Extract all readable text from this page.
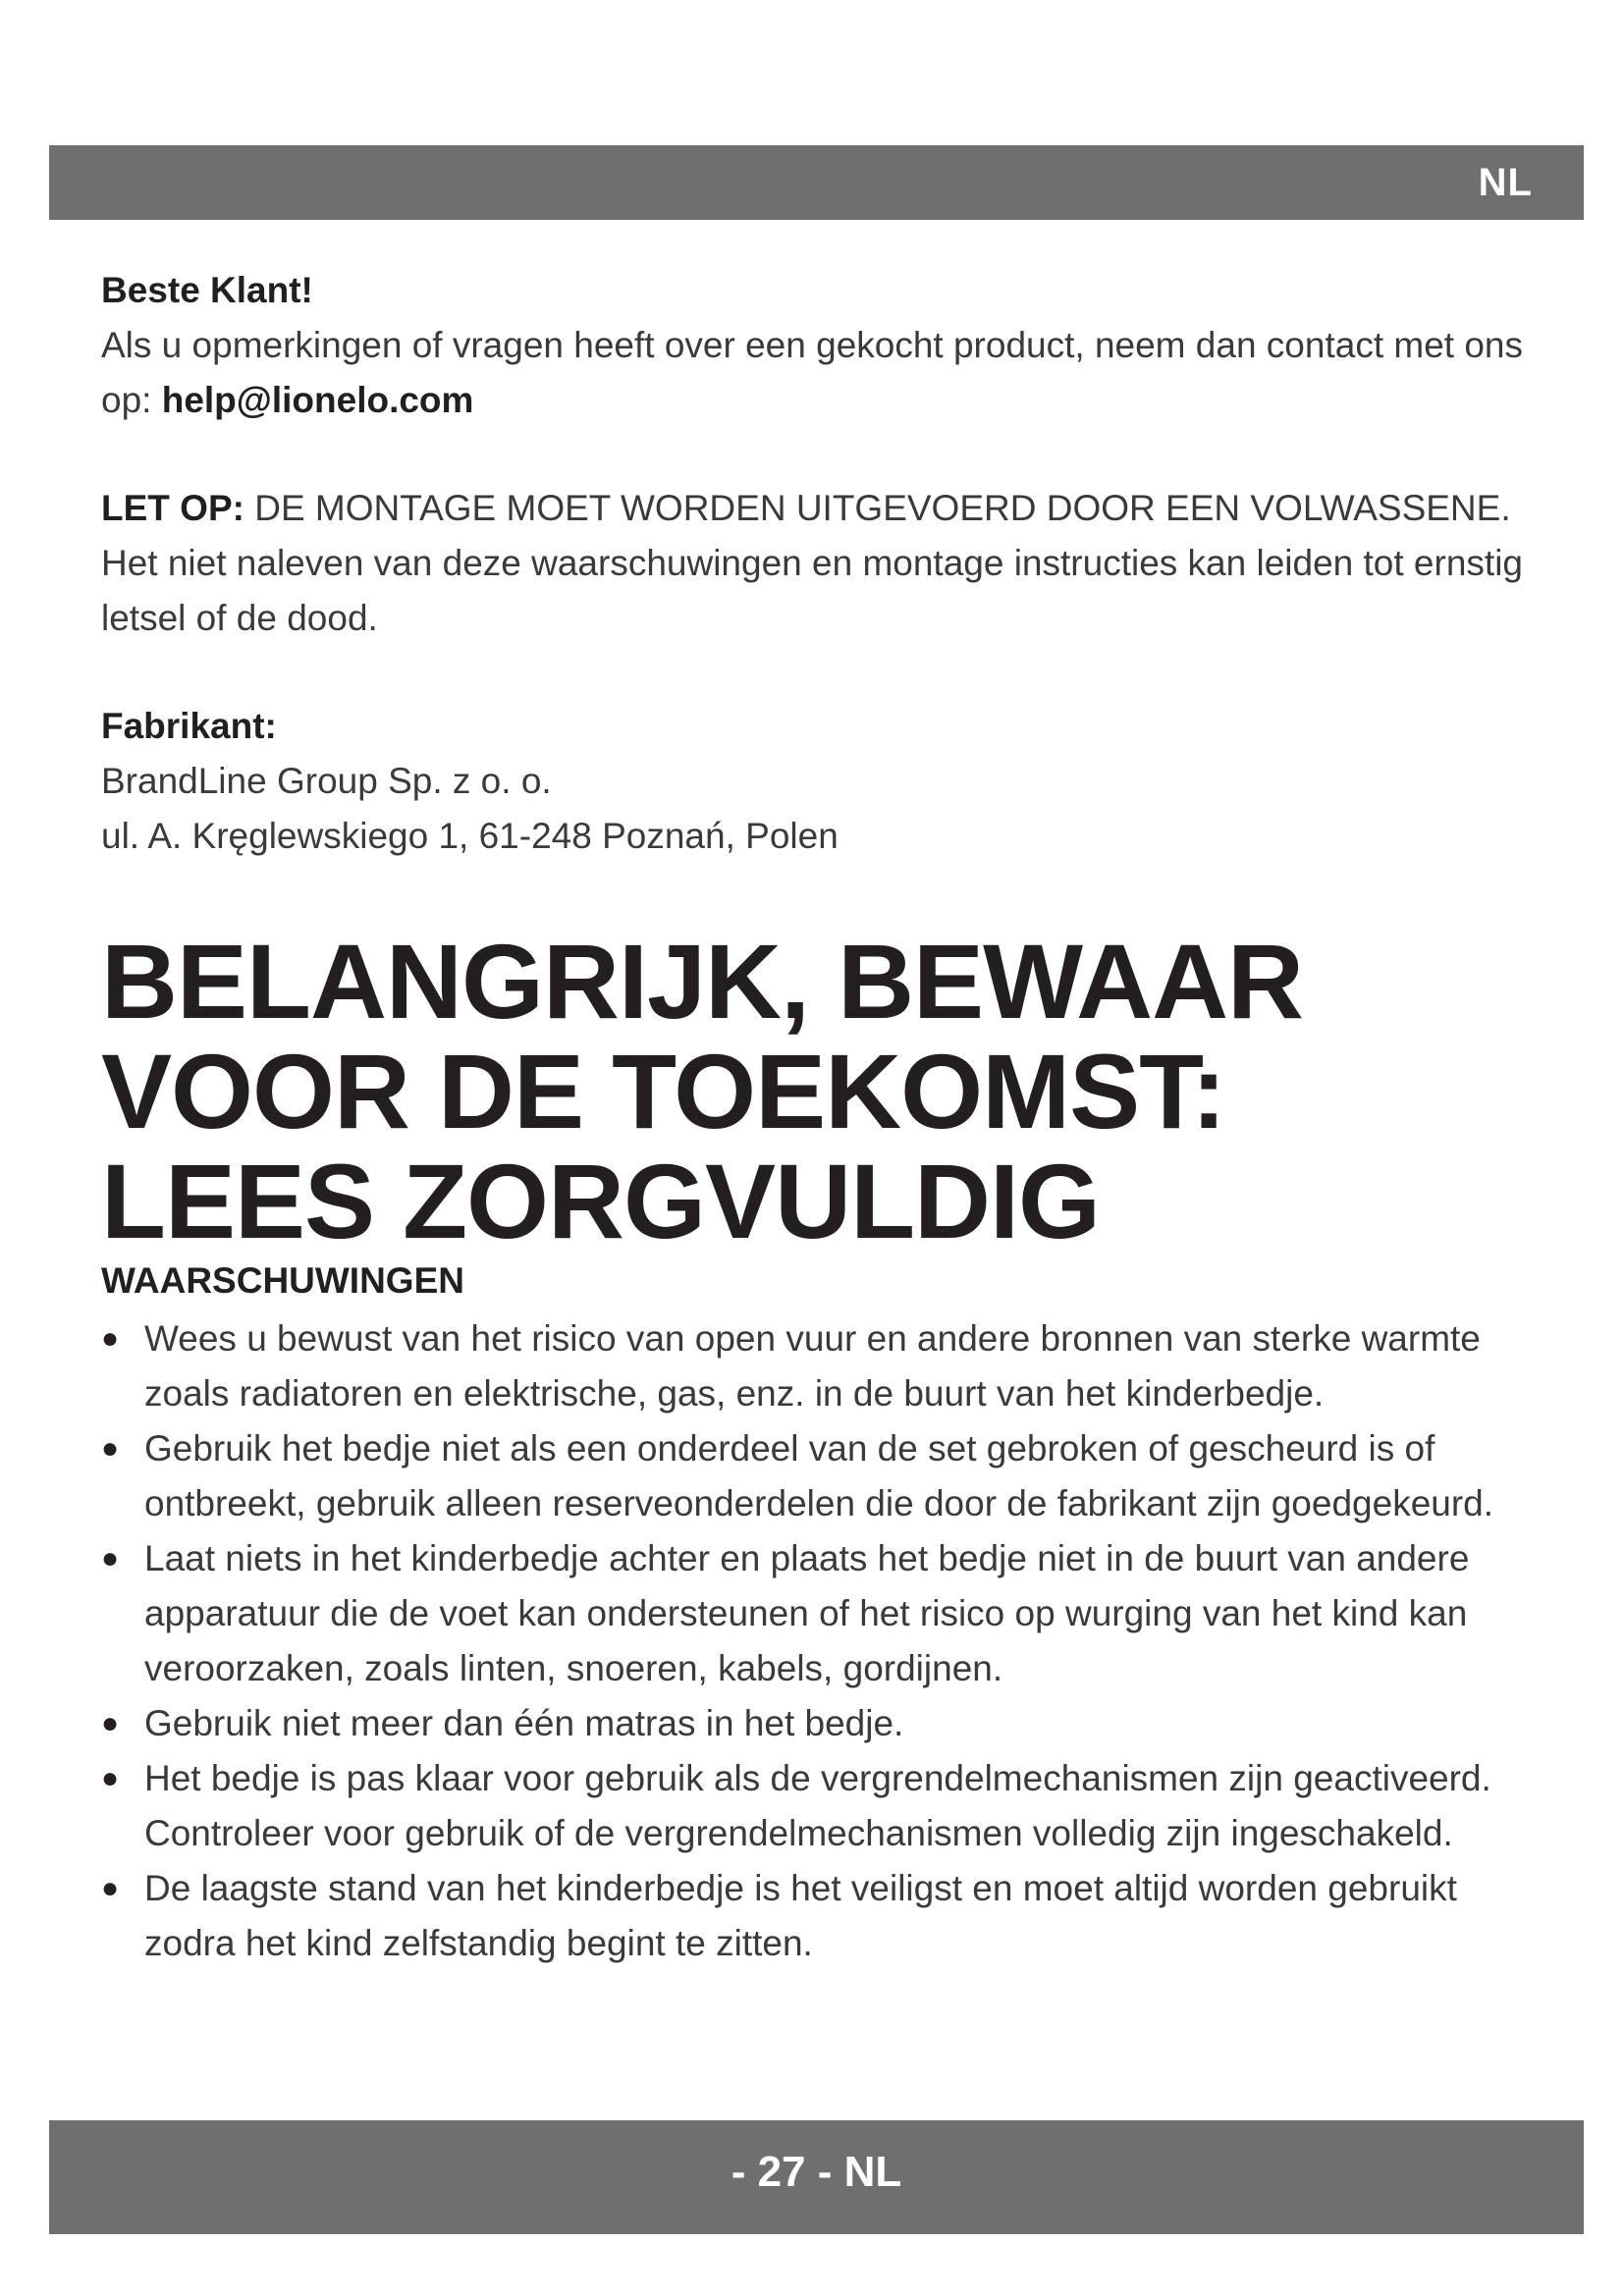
NL

Beste Klant!

Als u opmerkingen of vragen heeft over een gekocht product, neem dan contact met ons op: help@lionelo.com

LET OP: DE MONTAGE MOET WORDEN UITGEVOERD DOOR EEN VOLWASSENE. Het niet naleven van deze waarschuwingen en montage instructies kan leiden tot ernstig letsel of de dood.

Fabrikant:

BrandLine Group Sp. z o. o.

ul. A. Kręglewskiego 1, 61-248 Poznań, Polen

BELANGRIJK, BEWAAR
VOOR DE TOEKOMST:
LEES ZORGVULDIG

WAARSCHUWINGEN

● Wees u bewust van het risico van open vuur en andere bronnen van sterke warmte zoals radiatoren en elektrische, gas, enz. in de buurt van het kinderbedje.
● Gebruik het bedje niet als een onderdeel van de set gebroken of gescheurd is of ontbreekt, gebruik alleen reserveonderdelen die door de fabrikant zijn goedgekeurd.
● Laat niets in het kinderbedje achter en plaats het bedje niet in de buurt van andere apparatuur die de voet kan ondersteunen of het risico op wurging van het kind kan veroorzaken, zoals linten, snoeren, kabels, gordijnen.
● Gebruik niet meer dan één matras in het bedje.
● Het bedje is pas klaar voor gebruik als de vergrendelmechanismen zijn geactiveerd. Controleer voor gebruik of de vergrendelmechanismen volledig zijn ingeschakeld.
● De laagste stand van het kinderbedje is het veiligst en moet altijd worden gebruikt zodra het kind zelfstandig begint te zitten.
- 27 - NL
